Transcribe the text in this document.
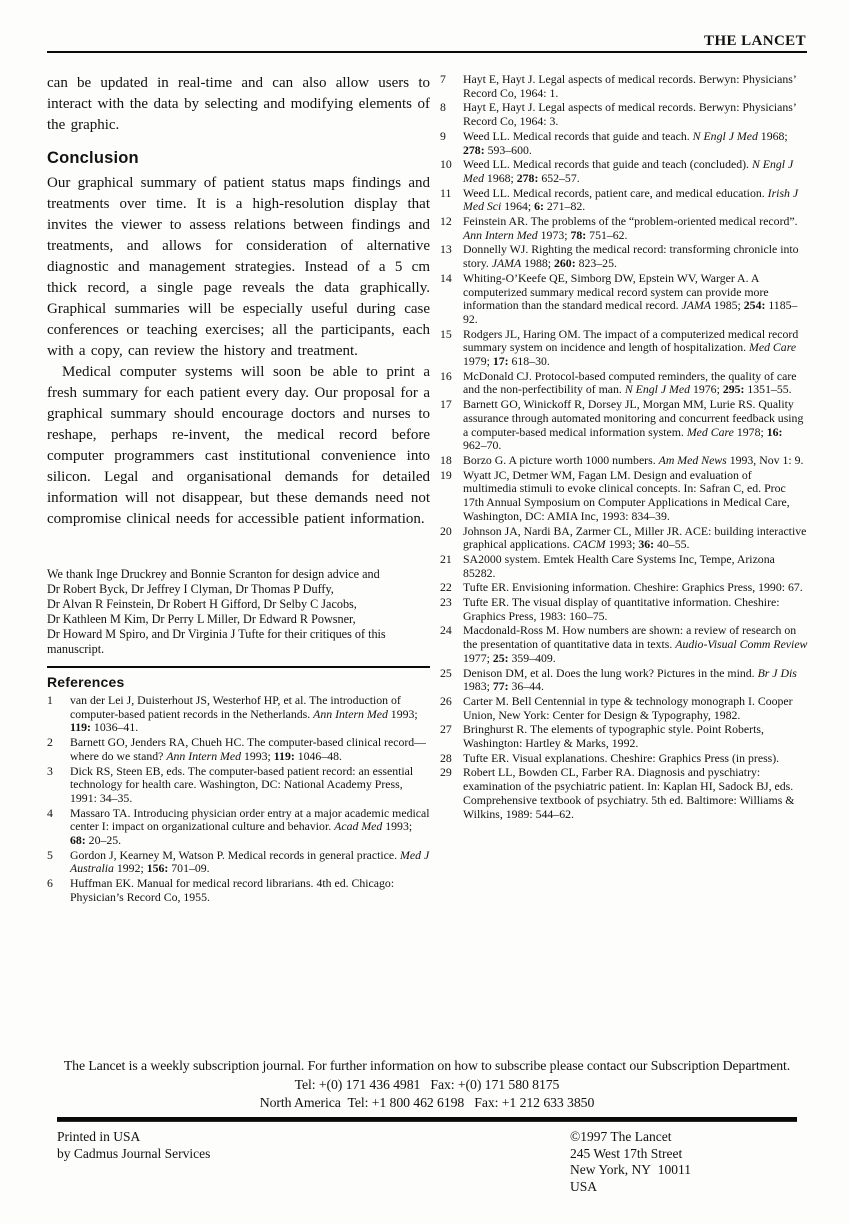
THE LANCET

can be updated in real-time and can also allow users to interact with the data by selecting and modifying elements of the graphic.

Conclusion

Our graphical summary of patient status maps findings and treatments over time. It is a high-resolution display that invites the viewer to assess relations between findings and treatments, and allows for consideration of alternative diagnostic and management strategies. Instead of a 5 cm thick record, a single page reveals the data graphically. Graphical summaries will be especially useful during case conferences or teaching exercises; all the participants, each with a copy, can review the history and treatment.

Medical computer systems will soon be able to print a fresh summary for each patient every day. Our proposal for a graphical summary should encourage doctors and nurses to reshape, perhaps re-invent, the medical record before computer programmers cast institutional convenience into silicon. Legal and organisational demands for detailed information will not disappear, but these demands need not compromise clinical needs for accessible patient information.

We thank Inge Druckrey and Bonnie Scranton for design advice and
Dr Robert Byck, Dr Jeffrey I Clyman, Dr Thomas P Duffy,
Dr Alvan R Feinstein, Dr Robert H Gifford, Dr Selby C Jacobs,
Dr Kathleen M Kim, Dr Perry L Miller, Dr Edward R Powsner,
Dr Howard M Spiro, and Dr Virginia J Tufte for their critiques of this
manuscript.
References
1	van der Lei J, Duisterhout JS, Westerhof HP, et al. The introduction of computer-based patient records in the Netherlands. Ann Intern Med 1993; 119: 1036–41.
2	Barnett GO, Jenders RA, Chueh HC. The computer-based clinical record—where do we stand? Ann Intern Med 1993; 119: 1046–48.
3	Dick RS, Steen EB, eds. The computer-based patient record: an essential technology for health care. Washington, DC: National Academy Press, 1991: 34–35.
4	Massaro TA. Introducing physician order entry at a major academic medical center I: impact on organizational culture and behavior. Acad Med 1993; 68: 20–25.
5	Gordon J, Kearney M, Watson P. Medical records in general practice. Med J Australia 1992; 156: 701–09.
6	Huffman EK. Manual for medical record librarians. 4th ed. Chicago: Physician’s Record Co, 1955.
7	Hayt E, Hayt J. Legal aspects of medical records. Berwyn: Physicians’ Record Co, 1964: 1.
8	Hayt E, Hayt J. Legal aspects of medical records. Berwyn: Physicians’ Record Co, 1964: 3.
9	Weed LL. Medical records that guide and teach. N Engl J Med 1968; 278: 593–600.
10 Weed LL. Medical records that guide and teach (concluded). N Engl J Med 1968; 278: 652–57.
11 Weed LL. Medical records, patient care, and medical education. Irish J Med Sci 1964; 6: 271–82.
12 Feinstein AR. The problems of the “problem-oriented medical record”. Ann Intern Med 1973; 78: 751–62.
13 Donnelly WJ. Righting the medical record: transforming chronicle into story. JAMA 1988; 260: 823–25.
14 Whiting-O’Keefe QE, Simborg DW, Epstein WV, Warger A. A computerized summary medical record system can provide more information than the standard medical record. JAMA 1985; 254: 1185–92.
15 Rodgers JL, Haring OM. The impact of a computerized medical record summary system on incidence and length of hospitalization. Med Care 1979; 17: 618–30.
16 McDonald CJ. Protocol-based computed reminders, the quality of care and the non-perfectibility of man. N Engl J Med 1976; 295: 1351–55.
17 Barnett GO, Winickoff R, Dorsey JL, Morgan MM, Lurie RS. Quality assurance through automated monitoring and concurrent feedback using a computer-based medical information system. Med Care 1978; 16: 962–70.
18 Borzo G. A picture worth 1000 numbers. Am Med News 1993, Nov 1: 9.
19 Wyatt JC, Detmer WM, Fagan LM. Design and evaluation of multimedia stimuli to evoke clinical concepts. In: Safran C, ed. Proc 17th Annual Symposium on Computer Applications in Medical Care, Washington, DC: AMIA Inc, 1993: 834–39.
20 Johnson JA, Nardi BA, Zarmer CL, Miller JR. ACE: building interactive graphical applications. CACM 1993; 36: 40–55.
21 SA2000 system. Emtek Health Care Systems Inc, Tempe, Arizona 85282.
22 Tufte ER. Envisioning information. Cheshire: Graphics Press, 1990: 67.
23 Tufte ER. The visual display of quantitative information. Cheshire: Graphics Press, 1983: 160–75.
24 Macdonald-Ross M. How numbers are shown: a review of research on the presentation of quantitative data in texts. Audio-Visual Comm Review 1977; 25: 359–409.
25 Denison DM, et al. Does the lung work? Pictures in the mind. Br J Dis 1983; 77: 36–44.
26 Carter M. Bell Centennial in type & technology monograph I. Cooper Union, New York: Center for Design & Typography, 1982.
27 Bringhurst R. The elements of typographic style. Point Roberts, Washington: Hartley & Marks, 1992.
28 Tufte ER. Visual explanations. Cheshire: Graphics Press (in press).
29 Robert LL, Bowden CL, Farber RA. Diagnosis and pyschiatry: examination of the psychiatric patient. In: Kaplan HI, Sadock BJ, eds. Comprehensive textbook of psychiatry. 5th ed. Baltimore: Williams & Wilkins, 1989: 544–62.
The Lancet is a weekly subscription journal. For further information on how to subscribe please contact our Subscription Department.
Tel: +(0) 171 436 4981   Fax: +(0) 171 580 8175
North America  Tel: +1 800 462 6198   Fax: +1 212 633 3850
Printed in USA
by Cadmus Journal Services
©1997 The Lancet
245 West 17th Street
New York, NY  10011
USA
